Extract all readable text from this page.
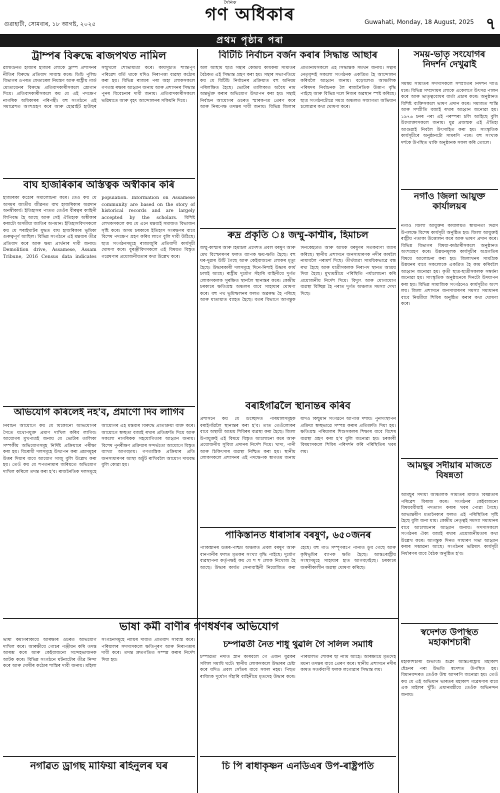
গুৱাহাটী, সোমবাৰ, ১৮ আগষ্ট, ২০২৫
দৈনিক
গণ অধিকাৰ	Guwahati, Monday, 18 August, 2025 ৭
প্ৰথম পৃষ্ঠাৰ পৰা

ট্ৰাম্পৰ বিৰুদ্ধে ৰাজপথত নামিল

ৱাশ্বিংটনত হাজাৰ হাজাৰ লোকে ট্ৰাম্প প্ৰশাসনৰ নীতিৰ বিৰুদ্ধে প্ৰতিবাদ সাব্যস্ত কৰে। ডিচি পুলিচ বিভাগৰ ওপৰত ফেডাৰেল নিয়ন্ত্ৰণ আৰু ৰাষ্ট্ৰীয় গাৰ্ড মোতায়েনৰ বিৰুদ্ধে প্ৰতিবাদকাৰীসকলে শ্লোগান দিয়ে। প্ৰতিবাদকাৰীসকলে কয় যে এই পদক্ষেপ নাগৰিক অধিকাৰৰ পৰিপন্থী। বহু সংগঠনে এই সমাৱেশত অংশগ্ৰহণ কৰে আৰু হোৱাইট হাউছৰ সন্মুখলৈ শোভাযাত্ৰা কৰে। কাৰ্যসূচীত শান্তিপূৰ্ণ পৰিৱেশ বৰ্তি থাকে যদিও নিৰাপত্তা ব্যৱস্থা কঠোৰ কৰা হয়। বিভিন্ন ৰাজ্যৰ পৰা অহা লোকসকলে গণতন্ত্ৰ ৰক্ষাৰ আহ্বান জনায় আৰু প্ৰশাসনৰ সিদ্ধান্ত পুনৰ বিবেচনাৰ দাবী জনায়। প্ৰতিবাদকাৰীসকলে ভৱিষ্যতে আৰু বৃহৎ আন্দোলনৰ সকিয়নি দিয়ে।

বাঘ হাজৰিকাৰ অস্তিত্বক অস্বীকাৰ কৰি

হাজৰিকা কঠোৰ সমালোচনা কৰে। তেওঁ কয় যে অসমৰ জাতীয় জীৱনত বাঘ হাজৰিকাৰ অৱদান অনস্বীকাৰ্য। ইতিহাসৰ পাতত তেওঁৰ বীৰত্বৰ কাহিনী লিপিবদ্ধ হৈ আছে আৰু সেই ঐতিহ্যক অস্বীকাৰ কৰাটো অসমীয়া জাতিৰ অপমান। ইতিহাসবিদসকলে কয় যে শৰাইঘাটৰ যুদ্ধত বাঘ হাজৰিকাৰ ভূমিকা গুৰুত্বপূৰ্ণ আছিল। বিভিন্ন সংগঠনে এই মন্তব্যৰ তীব্ৰ প্ৰতিবাদ কৰে আৰু ক্ষমা প্ৰাৰ্থনাৰ দাবী জনায়। Demolition drive, Assamese, Assam Tribune, 2016 Census data indicates population. Information on Assamese community are based on the story of historical records and are largely accepted by the scholars. বিশিষ্ট লেখকসকলে কয় যে এনে মন্তব্যই সমাজত বিভাজন সৃষ্টি কৰে। অসম চৰকাৰে ইতিহাস সংৰক্ষণৰ বাবে বিশেষ পদক্ষেপ গ্ৰহণ কৰিব লাগে বুলি দাবী উঠিছে। ছাত্ৰ সংগঠনসমূহে ৰাজ্যজুৰি প্ৰতিবাদী কাৰ্যসূচী ঘোষণা কৰে। বুৰঞ্জীবিদসকলে এই বিষয়ত বিস্তৃত গৱেষণাৰ প্ৰয়োজনীয়তাৰ কথা উল্লেখ কৰে।

অভিযোগ কৰিলেই নহ'ব, প্ৰমাণো দিব লাগিব

নিৰ্বাচন আয়োগে কয় যে যিকোনো অভিযোগৰ সৈতে যথোপযুক্ত প্ৰমাণ দাখিল কৰিব লাগিব। আয়োগৰ মুখপাত্ৰই জনায় যে ভোটাৰ তালিকা সম্পৰ্কীয় অভিযোগসমূহ নিৰ্দিষ্ট প্ৰক্ৰিয়াৰে পৰীক্ষা কৰা হয়। বিৰোধী দলসমূহে উত্থাপন কৰা প্ৰশ্নসমূহৰ উত্তৰ দিয়াৰ বাবে আয়োগ সাজু বুলি উল্লেখ কৰা হয়। তেওঁ কয় যে শপতনামাৰ জৰিয়তে অভিযোগ দাখিল কৰিলে তদন্ত কৰা হ'ব। ৰাজনৈতিক দলসমূহে আয়োগৰ এই মন্তব্যৰ বিৰুদ্ধে প্ৰতিক্ৰিয়া ব্যক্ত কৰে। আয়োগে স্বচ্ছতা বজাই ৰখাৰ প্ৰতিশ্ৰুতি দিয়ে আৰু সকলো নাগৰিকক সহযোগিতাৰ আহ্বান জনায়। বিশেষ পুনৰীক্ষণ প্ৰক্ৰিয়াৰ সন্দৰ্ভতো আয়োগে বিস্তৃত ব্যাখ্যা আগবঢ়ায়। গণতান্ত্ৰিক প্ৰক্ৰিয়াৰ প্ৰতি জনসাধাৰণৰ আস্থা অটুট ৰাখিবলৈ আয়োগ দায়বদ্ধ বুলি কোৱা হয়।

ভাষা কৰ্মী বাণীৰ গণধৰ্ষণৰ অভিযোগ

ভাষা কৰ্মীগৰাকীয়ে আৰক্ষীৰ ওচৰত অভিযোগ দাখিল কৰে। আৰক্ষীয়ে গোচৰ পঞ্জীয়ন কৰি তদন্ত আৰম্ভ কৰে আৰু কেইবাজনো সন্দেহভাজনক আটক কৰে। বিভিন্ন সংগঠনে ঘটনাটোৰ তীব্ৰ নিন্দা কৰে আৰু দোষীৰ কঠোৰ শাস্তিৰ দাবী জনায়। মহিলা সংগঠনসমূহে ন্যায়ৰ দাবীত প্ৰতিবাদ সাব্যস্ত কৰে। পৰিয়ালৰ সদস্যসকলে ক্ষতিপূৰণ আৰু নিৰাপত্তাৰ দাবী কৰে। তদন্ত দ্ৰুতগতিত সম্পন্ন কৰাৰ নিৰ্দেশ দিয়া হয়।

নগাঁৱত ড্ৰাগছ মাফিয়া ৰহিনুলৰ ঘৰ

বিটিচি নিৰ্বাচন বৰ্জন কৰাৰ সিদ্ধান্ত আছাৰ

অল আছাম ছাত্ৰ সন্থাৰ কেন্দ্ৰীয় কাৰ্যকৰী সমিতিৰ বৈঠকত এই সিদ্ধান্ত গ্ৰহণ কৰা হয়। সন্থাৰ সভাপতিয়ে কয় যে বিটিচি নিৰ্বাচনৰ প্ৰক্ৰিয়াত বহু অনিয়ম পৰিলক্ষিত হৈছে। ভোটাৰ তালিকাত অবৈধ নাম অন্তৰ্ভুক্ত কৰাৰ অভিযোগ উত্থাপন কৰা হয়। সন্থাই নিৰ্বাচন আয়োগৰ ওচৰত স্মাৰকপত্ৰ প্ৰেৰণ কৰে আৰু নিৰপেক্ষ তদন্তৰ দাবী জনায়। বিভিন্ন জিলাৰ প্ৰতিনিধিসকলে এই সিদ্ধান্তক সমৰ্থন জনায়। সন্থাৰ নেতৃবৃন্দই সকলো সংগঠনক একত্ৰিত হৈ আন্দোলন কৰিবলৈ আহ্বান জনায়। বড়োলেণ্ড আঞ্চলিক পৰিষদৰ নিৰ্বাচনক লৈ ৰাজনৈতিক উত্তাপ বৃদ্ধি পাইছে আৰু বিভিন্ন দলে নিজৰ অৱস্থান স্পষ্ট কৰিছে। ছাত্ৰ সংগঠনটোৱে সমগ্ৰ অঞ্চলত সজাগতা অভিযান চলোৱাৰ কথা ঘোষণা কৰে।

ৰুদ্ৰ প্ৰকৃতি ঃ জম্মু-কাশ্মীৰ, হিমাচল

জম্মু-কাশ্মীৰ আৰু হিমাচল প্ৰদেশত প্ৰবল বৰষুণ আৰু মেঘ বিস্ফোৰণৰ ফলত ব্যাপক ক্ষয়-ক্ষতি হৈছে। বহু ঘৰ-দুৱাৰ উটি গৈছে আৰু কেইবাজনো লোকৰ মৃত্যু হৈছে। উদ্ধাৰকাৰী দলসমূহে দিনে-নিশাই উদ্ধাৰ কাৰ্য চলাই আছে। ৰাষ্ট্ৰীয় দুৰ্যোগ সঁহাৰি বাহিনীয়ে দুৰ্গত লোকসকলক সুৰক্ষিত স্থানলৈ স্থানান্তৰ কৰে। কেন্দ্ৰীয় চৰকাৰে ক্ষতিগ্ৰস্ত অঞ্চলৰ বাবে সাহায্যৰ ঘোষণা কৰে। বহু পথ ভূমিস্খলনৰ ফলত অৱৰুদ্ধ হৈ পৰিছে আৰু যাতায়াত ব্যাহত হৈছে। বতৰ বিভাগে আগন্তুক দিনকেইটাত আৰু অধিক বৰষুণৰ সতৰ্কবাণী জাৰি কৰিছে। স্থানীয় প্ৰশাসনে জনসাধাৰণক নদীৰ কাষলৈ নাযাবলৈ পৰামৰ্শ দিছে। তীৰ্থযাত্ৰা সাময়িকভাৱে বন্ধ ৰখা হৈছে আৰু যাত্ৰীসকলক নিৰাপদ স্থানত আশ্ৰয় দিয়া হৈছে। মুখ্যমন্ত্ৰীয়ে পৰিস্থিতি পৰ্যালোচনা কৰি প্ৰয়োজনীয় নিৰ্দেশ দিয়ে। বিদ্যুৎ আৰু যোগাযোগ ব্যৱস্থা বিচ্ছিন্ন হৈ পৰাত দুৰ্গত অঞ্চলত সমস্যা দেখা দিছে।

বৰাইগাঁৱলৈ স্থানান্তৰ কৰিব

প্ৰশাসনে কয় যে উচ্ছেদিত পৰিয়ালসমূহক বৰাইগাঁৱলৈ স্থানান্তৰ কৰা হ'ব। তাত তেওঁলোকৰ বাবে অস্থায়ী আশ্ৰয় শিবিৰৰ ব্যৱস্থা কৰা হৈছে। জিলা উপায়ুক্তই এই বিষয়ে বিস্তৃত আলোচনা কৰে আৰু প্ৰয়োজনীয় সুবিধা প্ৰদানৰ নিৰ্দেশ দিয়ে। খাদ্য, পানী আৰু চিকিৎসাৰ ব্যৱস্থা নিশ্চিত কৰা হয়। স্থানীয় লোকসকলে প্ৰশাসনৰ এই পদক্ষেপক স্বাগতম জনায় যদিও কিছুমান সংগঠনে আপত্তি দৰ্শায়। পুনৰ্সংস্থাপন প্ৰক্ৰিয়া স্বচ্ছভাৱে সম্পন্ন কৰাৰ প্ৰতিশ্ৰুতি দিয়া হয়। ক্ষতিগ্ৰস্ত পৰিয়ালৰ শিশুসকলৰ শিক্ষাৰ বাবে বিশেষ ব্যৱস্থা গ্ৰহণ কৰা হ'ব বুলি জনোৱা হয়। চৰকাৰী বিষয়াসকলে শিবিৰ পৰিদৰ্শন কৰি পৰিস্থিতিৰ খবৰ লয়।

পাকিস্তানত ধাৰাসাৰ বৰষুণ, ৬৫০জনৰ

পাকিস্তানৰ উত্তৰ-পশ্চিম অঞ্চলত প্ৰবল বৰষুণ আৰু বানপানীৰ ফলত মৃতকৰ সংখ্যা বৃদ্ধি পাইছে। দুৰ্যোগ ব্যৱস্থাপনা কৰ্তৃপক্ষই কয় যে শ শ লোক নিখোজ হৈ আছে। উদ্ধাৰ কাৰ্যত সেনাবাহিনী নিয়োজিত কৰা হৈছে। বহু গাঁও সম্পূৰ্ণৰূপে পানীত ডুব গৈছে আৰু কৃষিভূমিৰ ব্যাপক ক্ষতি হৈছে। আন্তঃৰাষ্ট্ৰীয় সংস্থাসমূহে সাহায্যৰ হাত আগবঢ়াইছে। চৰকাৰে জৰুৰীকালীন অৱস্থা ঘোষণা কৰিছে।

চম্পাৱতী নৈত শাধু থুৱলি গৈ সলিল সমাধি

চম্পাৱতী নদীত স্নান কৰিবলৈ গৈ এজন যুৱকৰ সলিল সমাধি ঘটে। স্থানীয় লোকসকলে উদ্ধাৰৰ চেষ্টা কৰে যদিও প্ৰবল সোঁতৰ বাবে সফল নহয়। পিছত ৰাজ্যিক দুৰ্যোগ সঁহাৰি বাহিনীয়ে মৃতদেহ উদ্ধাৰ কৰে। পৰিয়ালত শোকৰ ছাঁ নামি আহে। আৰক্ষীয়ে মৃতদেহ ময়না তদন্তৰ বাবে প্ৰেৰণ কৰে। স্থানীয় প্ৰশাসনে নদীৰ কাষত সতৰ্কবাণী ফলক লগোৱাৰ সিদ্ধান্ত লয়।

চি পি ৰাধাকৃষ্ণন এনডিএৰ উপ-ৰাষ্ট্ৰপতি

সময়-ভাতৃ সংযোগৰ নিদৰ্শন দেখুৱাই

সমন্বয় সমিতিৰ সদস্যসকলে সম্প্ৰীতিৰ নিদৰ্শন দাঙি ধৰে। বিভিন্ন সম্প্ৰদায়ৰ লোকে একেলগে উৎসৱ পালন কৰে আৰু ভাতৃত্ববোধৰ বাৰ্তা প্ৰচাৰ কৰে। অনুষ্ঠানত বিশিষ্ট ব্যক্তিসকলে ভাষণ প্ৰদান কৰে। সমাজত শান্তি আৰু সম্প্ৰীতি বজাই ৰখাৰ আহ্বান জনোৱা হয়। ১৯৭৬ চনৰ পৰা এই পৰম্পৰা চলি আহিছে বুলি উদ্যোক্তাসকলে জনায়। যুৱ প্ৰজন্মক এই ঐতিহ্য আগুৱাই নিবলৈ উৎসাহিত কৰা হয়। সাংস্কৃতিক কাৰ্যসূচীৰে অনুষ্ঠানটো সামৰণি পৰে। বহু সংখ্যক দৰ্শকে উপস্থিত থাকি অনুষ্ঠানক সফল কৰি তোলে।

নগাঁও জিলা আয়ুক্ত কাৰ্যালয়ৰ

নগাঁও জিলা আয়ুক্তৰ কাৰ্যালয়ত স্বাধীনতা দিৱস উপলক্ষে বিশেষ কাৰ্যসূচী অনুষ্ঠিত হয়। জিলা আয়ুক্তই ৰাষ্ট্ৰীয় পতাকা উত্তোলন কৰে আৰু ভাষণ প্ৰদান কৰে। বিভিন্ন বিভাগৰ বিষয়া-কৰ্মচাৰীসকলে অনুষ্ঠানত অংশগ্ৰহণ কৰে। উন্নয়নমূলক কাৰ্যসূচীৰ অগ্ৰগতিৰ বিষয়ে আলোচনা কৰা হয়। জিলাখনৰ সামগ্ৰিক উন্নয়নৰ বাবে সকলোকে একত্ৰিত হৈ কাম কৰিবলৈ আহ্বান জনোৱা হয়। কৃতী ছাত্ৰ-ছাত্ৰীসকলক সম্বৰ্ধনা জনোৱা হয়। সাংস্কৃতিক অনুষ্ঠানেৰে দিনটো উদযাপন কৰা হয়। বিভিন্ন সামাজিক সংগঠনেও কাৰ্যসূচীত অংশ লয়। জিলা প্ৰশাসনে জনসাধাৰণৰ সমস্যা সমাধানৰ বাবে নিয়মীয়া শিবিৰ অনুষ্ঠিত কৰাৰ কথা ঘোষণা কৰে।

আমছুৰ সদীয়াৰ মাজতে বিষন্নতা

আমছুৰ সদীয়া আঞ্চলিক সমিতিৰ মাজত বিষন্নতাৰ পৰিৱেশ বিৰাজ কৰে। সংগঠনৰ কেইবাজনো বিষয়ববীয়াই পদত্যাগ কৰাৰ খবৰ পোৱা গৈছে। আভ্যন্তৰীণ মতানৈক্যৰ ফলত এই পৰিস্থিতিৰ সৃষ্টি হৈছে বুলি জনা যায়। কেন্দ্ৰীয় নেতৃত্বই সমস্যা সমাধানৰ বাবে আলোচনাৰ আহ্বান জনায়। সদস্যসকলে সংগঠনৰ ঐক্য বজাই ৰখাৰ প্ৰয়োজনীয়তাৰ কথা উল্লেখ কৰে। আগন্তুক দিনত সাধাৰণ সভা আহ্বান কৰাৰ সম্ভাৱনা আছে। সংগঠনৰ ভৱিষ্যৎ কাৰ্যসূচী নিৰ্ধাৰণৰ বাবে বৈঠক অনুষ্ঠিত হ'ব।

স্বদেশত উপস্থিত মহাকাশচাৰী

মহাকাশচাৰী শুভাংশু শুক্লা আন্তঃৰাষ্ট্ৰীয় মহাকাশ ষ্টেচনৰ পৰা উভতি স্বদেশত উপস্থিত হয়। বিমানবন্দৰত তেওঁক উষ্ম আদৰণি জনোৱা হয়। তেওঁ কয় যে এই অভিযান ভাৰতৰ মহাকাশ গৱেষণাৰ বাবে এক মাইলৰ খুঁটি। প্ৰধানমন্ত্ৰীয়ে তেওঁক অভিনন্দন জনায়।
